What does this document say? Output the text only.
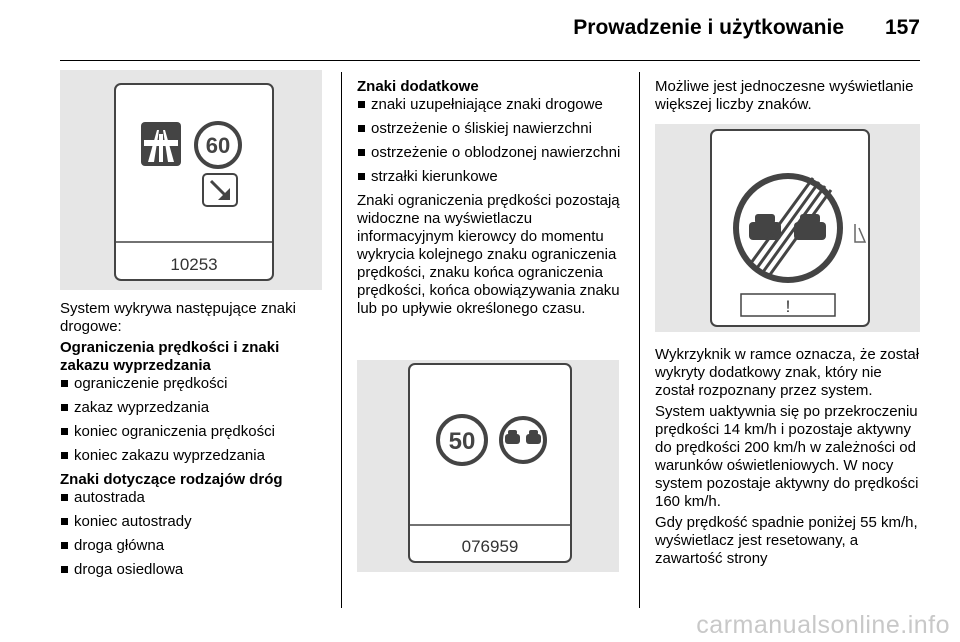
Prowadzenie i użytkowanie 157
60
10253

System wykrywa następujące znaki drogowe:

Ograniczenia prędkości i znaki zakazu wyprzedzania

ograniczenie prędkości
zakaz wyprzedzania
koniec ograniczenia prędkości
koniec zakazu wyprzedzania

Znaki dotyczące rodzajów dróg

autostrada
koniec autostrady
droga główna
droga osiedlowa

Znaki dodatkowe

znaki uzupełniające znaki drogowe
ostrzeżenie o śliskiej nawierzchni
ostrzeżenie o oblodzonej nawierzchni
strzałki kierunkowe

Znaki ograniczenia prędkości pozostają widoczne na wyświetlaczu informacyjnym kierowcy do momentu wykrycia kolejnego znaku ograniczenia prędkości, znaku końca ograniczenia prędkości, końca obowiązywania znaku lub po upływie określonego czasu.

50
076959

Możliwe jest jednoczesne wyświetlanie większej liczby znaków.

!

Wykrzyknik w ramce oznacza, że został wykryty dodatkowy znak, który nie został rozpoznany przez system.

System uaktywnia się po przekroczeniu prędkości 14 km/h i pozostaje aktywny do prędkości 200 km/h w zależności od warunków oświetleniowych. W nocy system pozostaje aktywny do prędkości 160 km/h.

Gdy prędkość spadnie poniżej 55 km/h, wyświetlacz jest resetowany, a zawartość strony

carmanualsonline.info
